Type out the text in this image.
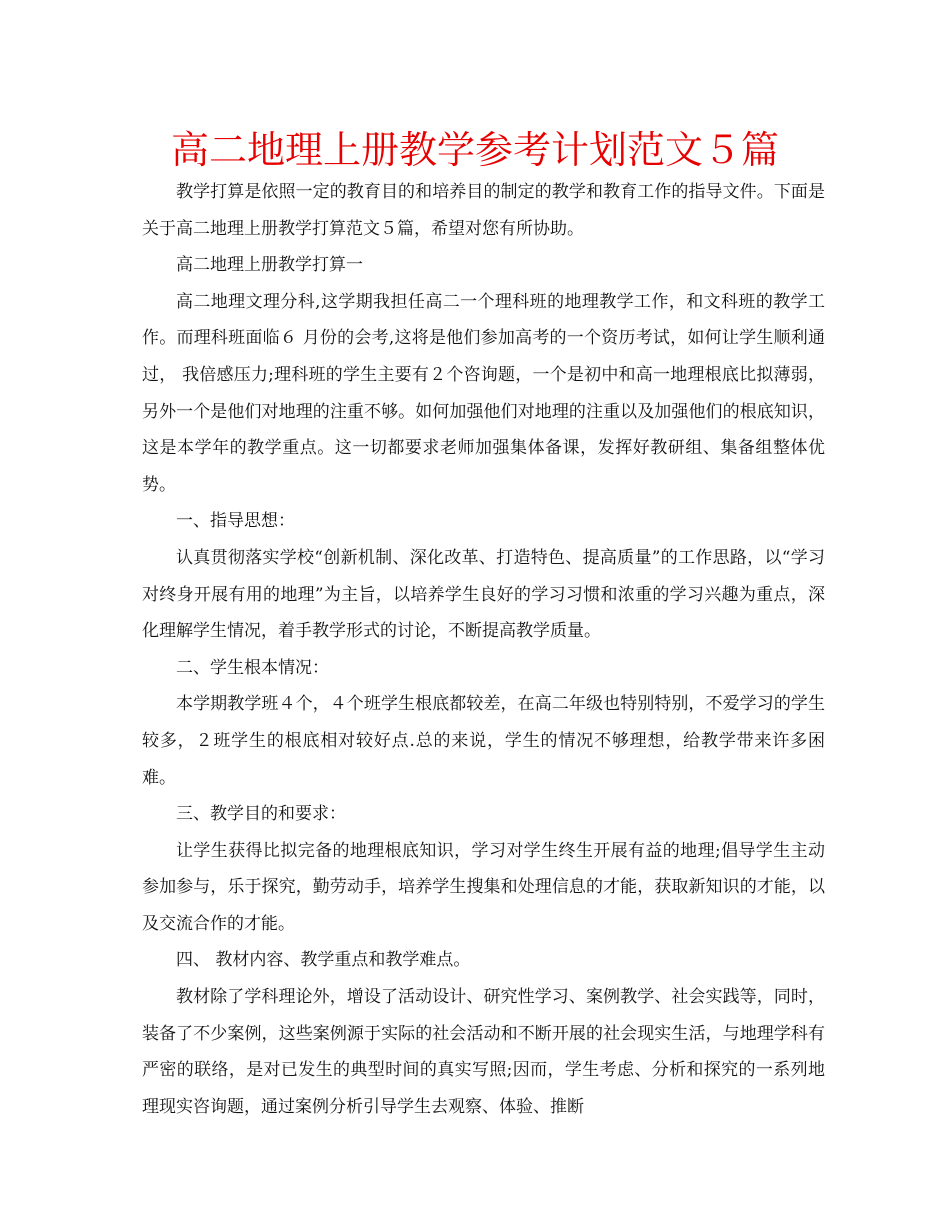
高二地理上册教学参考计划范文５篇

教学打算是依照一定的教育目的和培养目的制定的教学和教育工作的指导文件。下面是关于高二地理上册教学打算范文５篇，希望对您有所协助。

高二地理上册教学打算一

高二地理文理分科,这学期我担任高二一个理科班的地理教学工作，和文科班的教学工作。而理科班面临６ 月份的会考,这将是他们参加高考的一个资历考试，如何让学生顺利通过， 我倍感压力;理科班的学生主要有２个咨询题，一个是初中和高一地理根底比拟薄弱，另外一个是他们对地理的注重不够。如何加强他们对地理的注重以及加强他们的根底知识，这是本学年的教学重点。这一切都要求老师加强集体备课，发挥好教研组、集备组整体优势。

一、指导思想：

认真贯彻落实学校“创新机制、深化改革、打造特色、提高质量”的工作思路，以“学习对终身开展有用的地理”为主旨，以培养学生良好的学习习惯和浓重的学习兴趣为重点，深化理解学生情况，着手教学形式的讨论，不断提高教学质量。

二、学生根本情况：

本学期教学班４个，４个班学生根底都较差，在高二年级也特别特别，不爱学习的学生较多，２班学生的根底相对较好点.总的来说，学生的情况不够理想，给教学带来许多困难。

三、教学目的和要求：

让学生获得比拟完备的地理根底知识，学习对学生终生开展有益的地理;倡导学生主动参加参与，乐于探究，勤劳动手，培养学生搜集和处理信息的才能，获取新知识的才能，以及交流合作的才能。

四、 教材内容、教学重点和教学难点。

教材除了学科理论外，增设了活动设计、研究性学习、案例教学、社会实践等，同时，装备了不少案例，这些案例源于实际的社会活动和不断开展的社会现实生活，与地理学科有严密的联络，是对已发生的典型时间的真实写照;因而，学生考虑、分析和探究的一系列地理现实咨询题，通过案例分析引导学生去观察、体验、推断
